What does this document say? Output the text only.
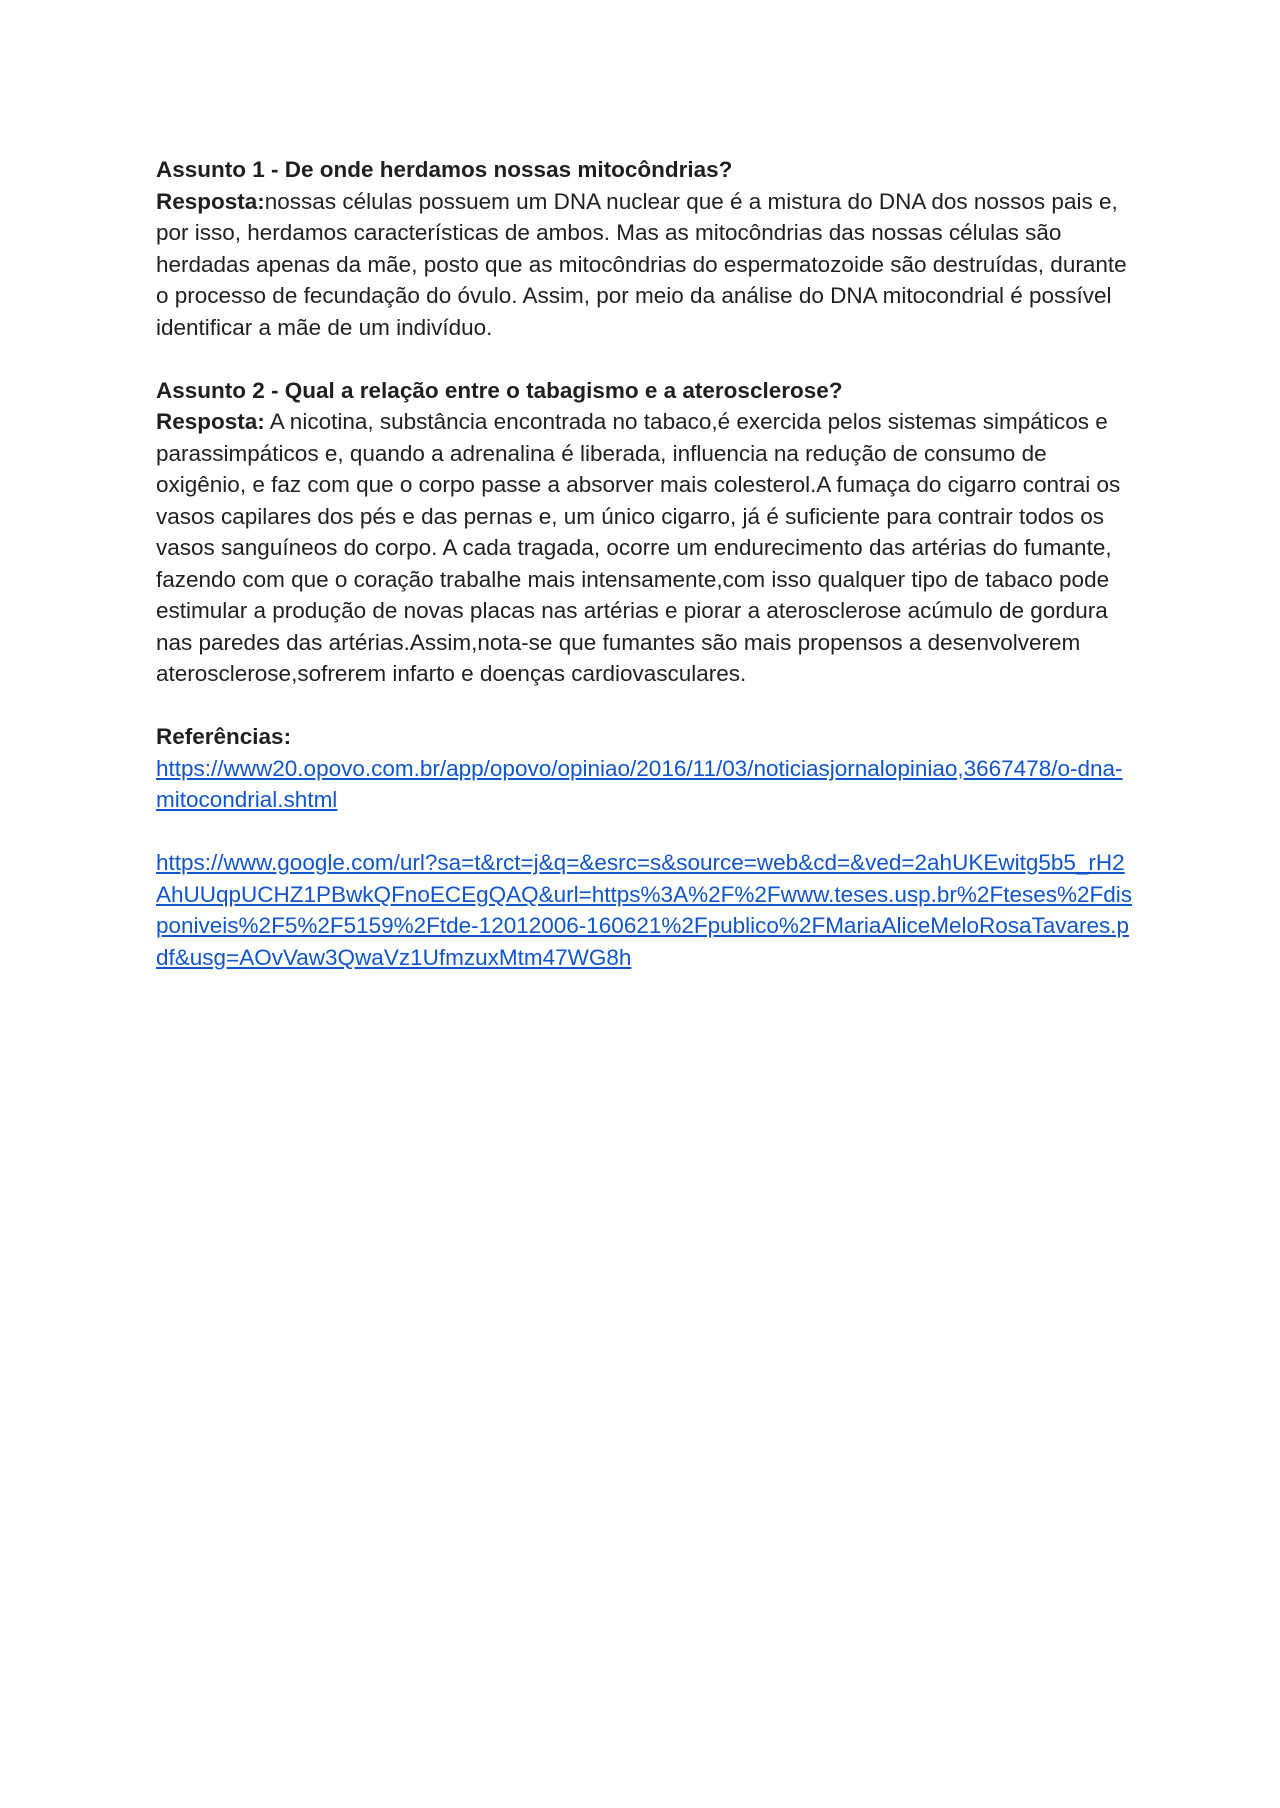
Assunto 1 - De onde herdamos nossas mitocôndrias?

Resposta:nossas células possuem um DNA nuclear que é a mistura do DNA dos nossos pais e, por isso, herdamos características de ambos. Mas as mitocôndrias das nossas células são herdadas apenas da mãe, posto que as mitocôndrias do espermatozoide são destruídas, durante o processo de fecundação do óvulo. Assim, por meio da análise do DNA mitocondrial é possível identificar a mãe de um indivíduo.

Assunto 2 - Qual a relação entre o tabagismo e a aterosclerose?

Resposta: A nicotina, substância encontrada no tabaco,é exercida pelos sistemas simpáticos e parassimpáticos e, quando a adrenalina é liberada, influencia na redução de consumo de oxigênio, e faz com que o corpo passe a absorver mais colesterol.A fumaça do cigarro contrai os vasos capilares dos pés e das pernas e, um único cigarro, já é suficiente para contrair todos os vasos sanguíneos do corpo. A cada tragada, ocorre um endurecimento das artérias do fumante, fazendo com que o coração trabalhe mais intensamente,com isso qualquer tipo de tabaco pode estimular a produção de novas placas nas artérias e piorar a aterosclerose acúmulo de gordura nas paredes das artérias.Assim,nota-se que fumantes são mais propensos a desenvolverem aterosclerose,sofrerem infarto e doenças cardiovasculares.

Referências:
https://www20.opovo.com.br/app/opovo/opiniao/2016/11/03/noticiasjornalopiniao,3667478/o-dna-mitocondrial.shtml
https://www.google.com/url?sa=t&rct=j&q=&esrc=s&source=web&cd=&ved=2ahUKEwitg5b5_rH2AhUUqpUCHZ1PBwkQFnoECEgQAQ&url=https%3A%2F%2Fwww.teses.usp.br%2Fteses%2Fdisponiveis%2F5%2F5159%2Ftde-12012006-160621%2Fpublico%2FMariaAliceMeloRosaTavares.pdf&usg=AOvVaw3QwaVz1UfmzuxMtm47WG8h
